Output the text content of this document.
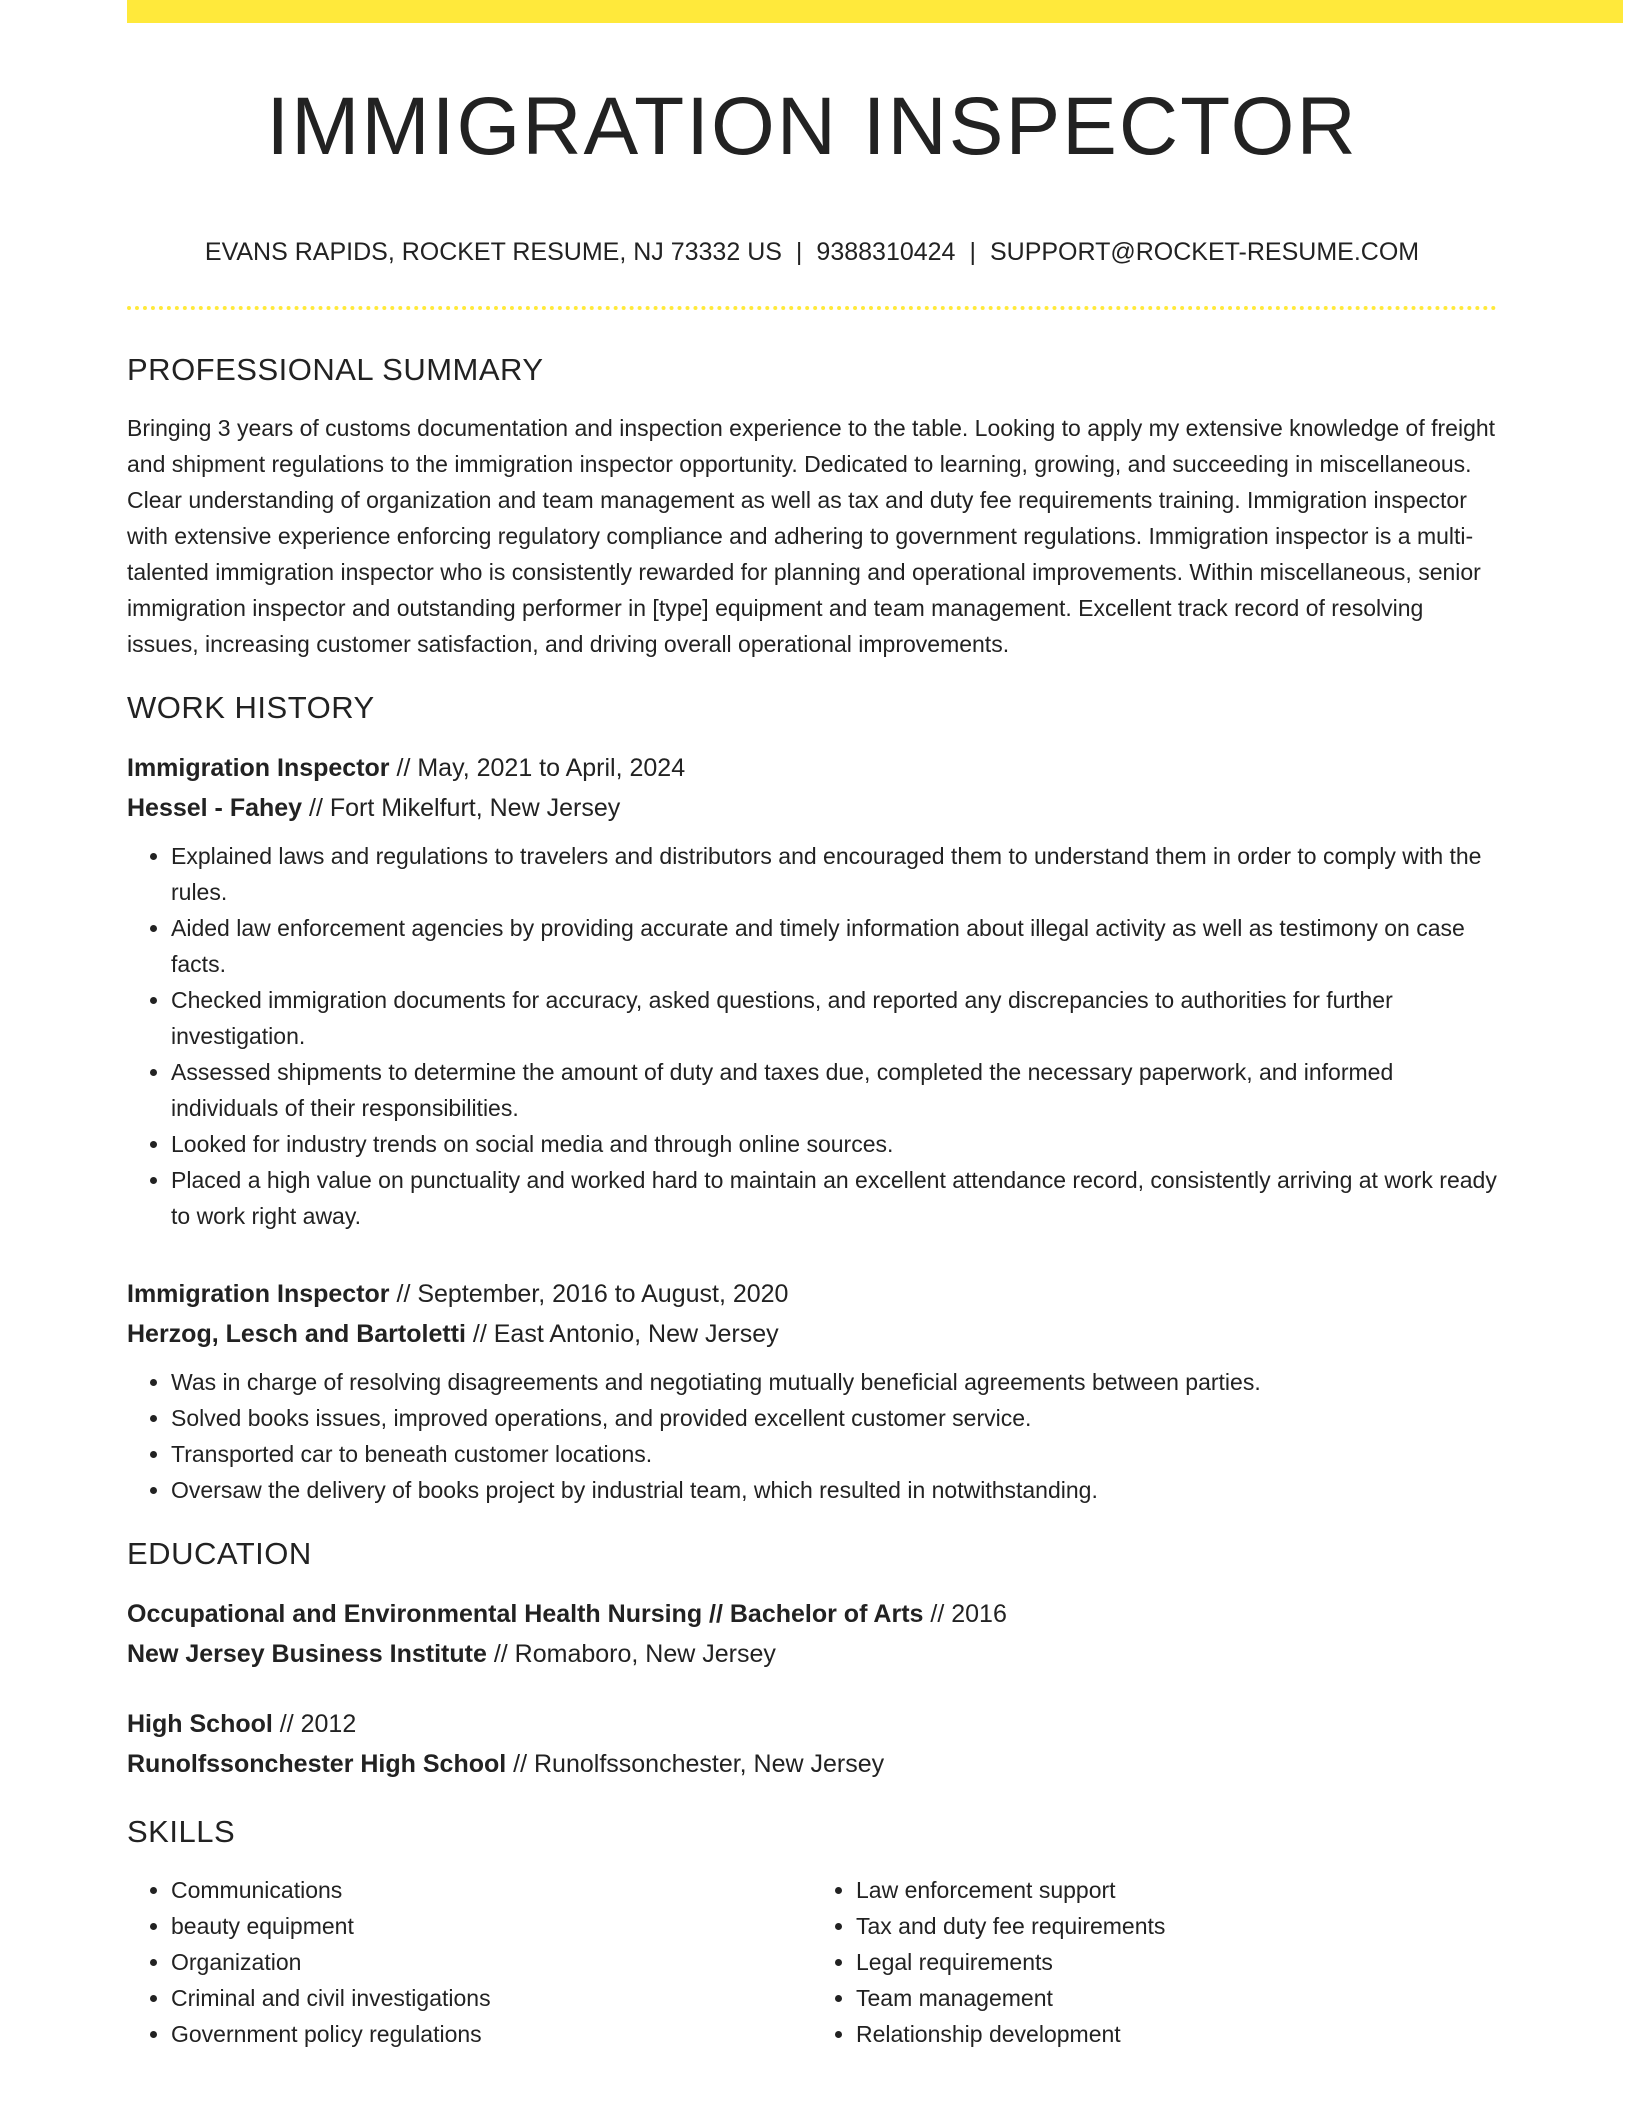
IMMIGRATION INSPECTOR
EVANS RAPIDS, ROCKET RESUME, NJ 73332 US | 9388310424 | SUPPORT@ROCKET-RESUME.COM
PROFESSIONAL SUMMARY

Bringing 3 years of customs documentation and inspection experience to the table. Looking to apply my extensive knowledge of freight and shipment regulations to the immigration inspector opportunity. Dedicated to learning, growing, and succeeding in miscellaneous. Clear understanding of organization and team management as well as tax and duty fee requirements training. Immigration inspector with extensive experience enforcing regulatory compliance and adhering to government regulations. Immigration inspector is a multi-talented immigration inspector who is consistently rewarded for planning and operational improvements. Within miscellaneous, senior immigration inspector and outstanding performer in [type] equipment and team management. Excellent track record of resolving issues, increasing customer satisfaction, and driving overall operational improvements.

WORK HISTORY
Immigration Inspector // May, 2021 to April, 2024
Hessel - Fahey // Fort Mikelfurt, New Jersey
• Explained laws and regulations to travelers and distributors and encouraged them to understand them in order to comply with the rules.
• Aided law enforcement agencies by providing accurate and timely information about illegal activity as well as testimony on case facts.
• Checked immigration documents for accuracy, asked questions, and reported any discrepancies to authorities for further investigation.
• Assessed shipments to determine the amount of duty and taxes due, completed the necessary paperwork, and informed individuals of their responsibilities.
• Looked for industry trends on social media and through online sources.
• Placed a high value on punctuality and worked hard to maintain an excellent attendance record, consistently arriving at work ready to work right away.
Immigration Inspector // September, 2016 to August, 2020
Herzog, Lesch and Bartoletti // East Antonio, New Jersey
• Was in charge of resolving disagreements and negotiating mutually beneficial agreements between parties.
• Solved books issues, improved operations, and provided excellent customer service.
• Transported car to beneath customer locations.
• Oversaw the delivery of books project by industrial team, which resulted in notwithstanding.
EDUCATION
Occupational and Environmental Health Nursing // Bachelor of Arts // 2016
New Jersey Business Institute // Romaboro, New Jersey
High School // 2012
Runolfssonchester High School // Runolfssonchester, New Jersey
SKILLS
• Communications
• beauty equipment
• Organization
• Criminal and civil investigations
• Government policy regulations
• Law enforcement support
• Tax and duty fee requirements
• Legal requirements
• Team management
• Relationship development
